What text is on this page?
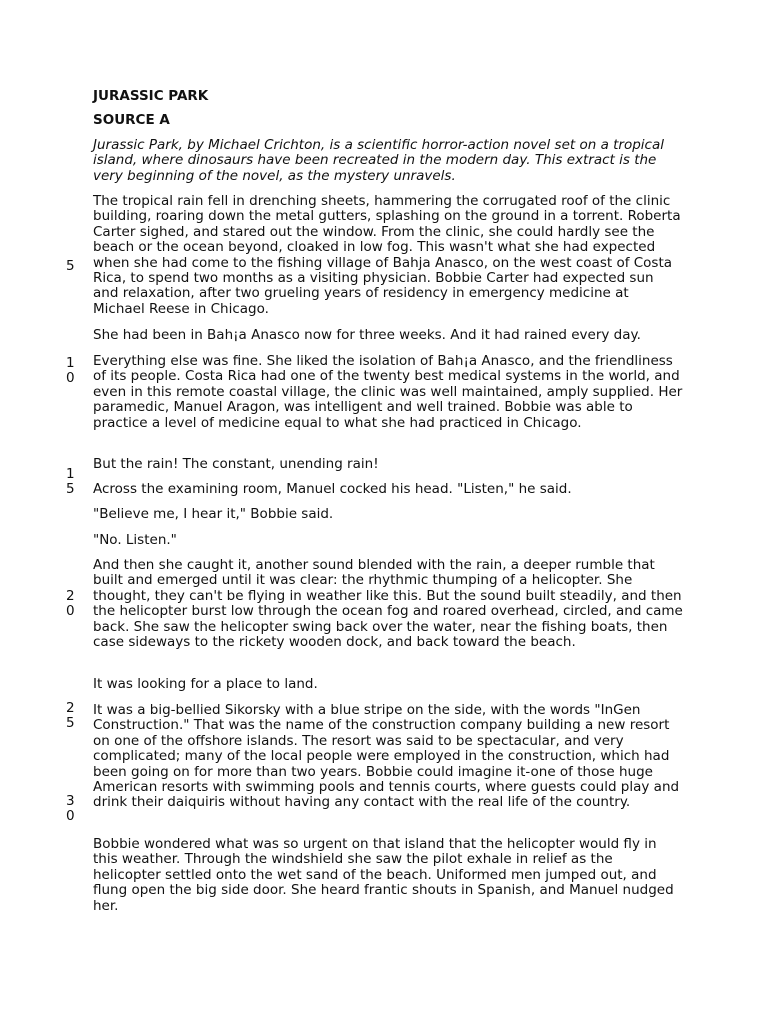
JURASSIC PARK

SOURCE A

Jurassic Park, by Michael Crichton, is a scientific horror-action novel set on a tropical island, where dinosaurs have been recreated in the modern day. This extract is the very beginning of the novel, as the mystery unravels.

The tropical rain fell in drenching sheets, hammering the corrugated roof of the clinic building, roaring down the metal gutters, splashing on the ground in a torrent. Roberta Carter sighed, and stared out the window. From the clinic, she could hardly see the beach or the ocean beyond, cloaked in low fog. This wasn't what she had expected when she had come to the fishing village of Bahja Anasco, on the west coast of Costa Rica, to spend two months as a visiting physician. Bobbie Carter had expected sun and relaxation, after two grueling years of residency in emergency medicine at Michael Reese in Chicago.

She had been in Bah¡a Anasco now for three weeks. And it had rained every day.

Everything else was fine. She liked the isolation of Bah¡a Anasco, and the friendliness of its people. Costa Rica had one of the twenty best medical systems in the world, and even in this remote coastal village, the clinic was well maintained, amply supplied. Her paramedic, Manuel Aragon, was intelligent and well trained. Bobbie was able to practice a level of medicine equal to what she had practiced in Chicago.

But the rain! The constant, unending rain!

Across the examining room, Manuel cocked his head. "Listen," he said.

"Believe me, I hear it," Bobbie said.

"No. Listen."

And then she caught it, another sound blended with the rain, a deeper rumble that built and emerged until it was clear: the rhythmic thumping of a helicopter. She thought, they can't be flying in weather like this. But the sound built steadily, and then the helicopter burst low through the ocean fog and roared overhead, circled, and came back. She saw the helicopter swing back over the water, near the fishing boats, then case sideways to the rickety wooden dock, and back toward the beach.

It was looking for a place to land.

It was a big-bellied Sikorsky with a blue stripe on the side, with the words "InGen Construction." That was the name of the construction company building a new resort on one of the offshore islands. The resort was said to be spectacular, and very complicated; many of the local people were employed in the construction, which had been going on for more than two years. Bobbie could imagine it-one of those huge American resorts with swimming pools and tennis courts, where guests could play and drink their daiquiris without having any contact with the real life of the country.

Bobbie wondered what was so urgent on that island that the helicopter would fly in this weather. Through the windshield she saw the pilot exhale in relief as the helicopter settled onto the wet sand of the beach. Uniformed men jumped out, and flung open the big side door. She heard frantic shouts in Spanish, and Manuel nudged her.

5

1
0

1
5

2
0

2
5

3
0
